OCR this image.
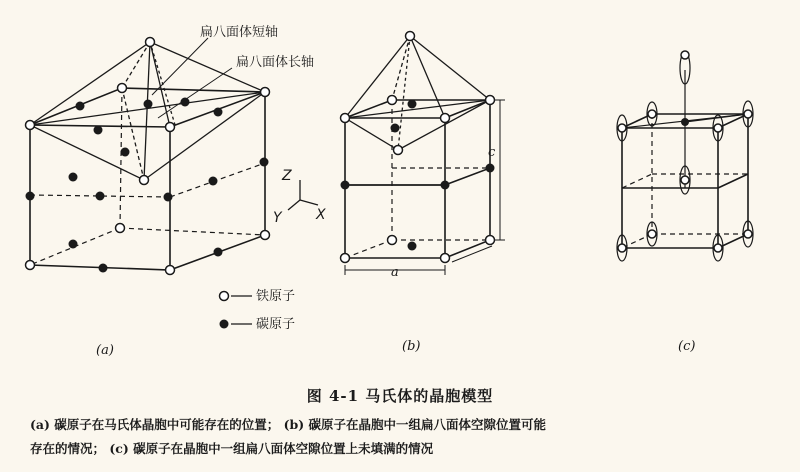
扁八面体短轴
扁八面体长轴
Z
Y X
a
c
铁原子
碳原子
(a)	(b)	(c)
图 4-1 马氏体的晶胞模型
(a) 碳原子在马氏体晶胞中可能存在的位置； (b) 碳原子在晶胞中一组扁八面体空隙位置可能
存在的情况； (c) 碳原子在晶胞中一组扁八面体空隙位置上未填满的情况
